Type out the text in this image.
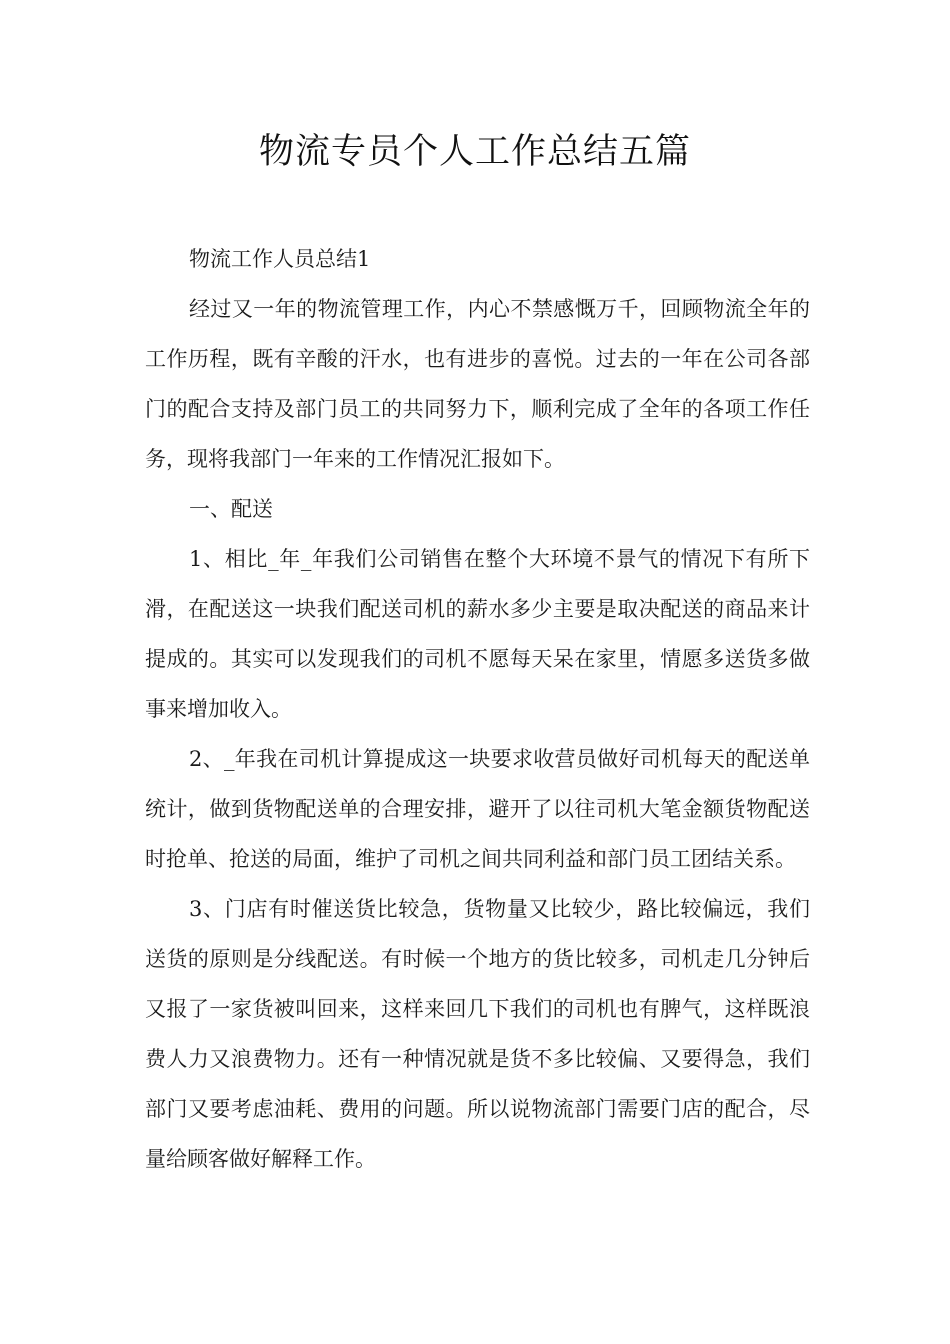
物流专员个人工作总结五篇

物流工作人员总结1

经过又一年的物流管理工作，内心不禁感慨万千，回顾物流全年的工作历程，既有辛酸的汗水，也有进步的喜悦。过去的一年在公司各部门的配合支持及部门员工的共同努力下，顺利完成了全年的各项工作任务，现将我部门一年来的工作情况汇报如下。

一、配送

1、相比_年_年我们公司销售在整个大环境不景气的情况下有所下滑，在配送这一块我们配送司机的薪水多少主要是取决配送的商品来计提成的。其实可以发现我们的司机不愿每天呆在家里，情愿多送货多做事来增加收入。

2、_年我在司机计算提成这一块要求收营员做好司机每天的配送单统计，做到货物配送单的合理安排，避开了以往司机大笔金额货物配送时抢单、抢送的局面，维护了司机之间共同利益和部门员工团结关系。

3、门店有时催送货比较急，货物量又比较少，路比较偏远，我们送货的原则是分线配送。有时候一个地方的货比较多，司机走几分钟后又报了一家货被叫回来，这样来回几下我们的司机也有脾气，这样既浪费人力又浪费物力。还有一种情况就是货不多比较偏、又要得急，我们部门又要考虑油耗、费用的问题。所以说物流部门需要门店的配合，尽量给顾客做好解释工作。
